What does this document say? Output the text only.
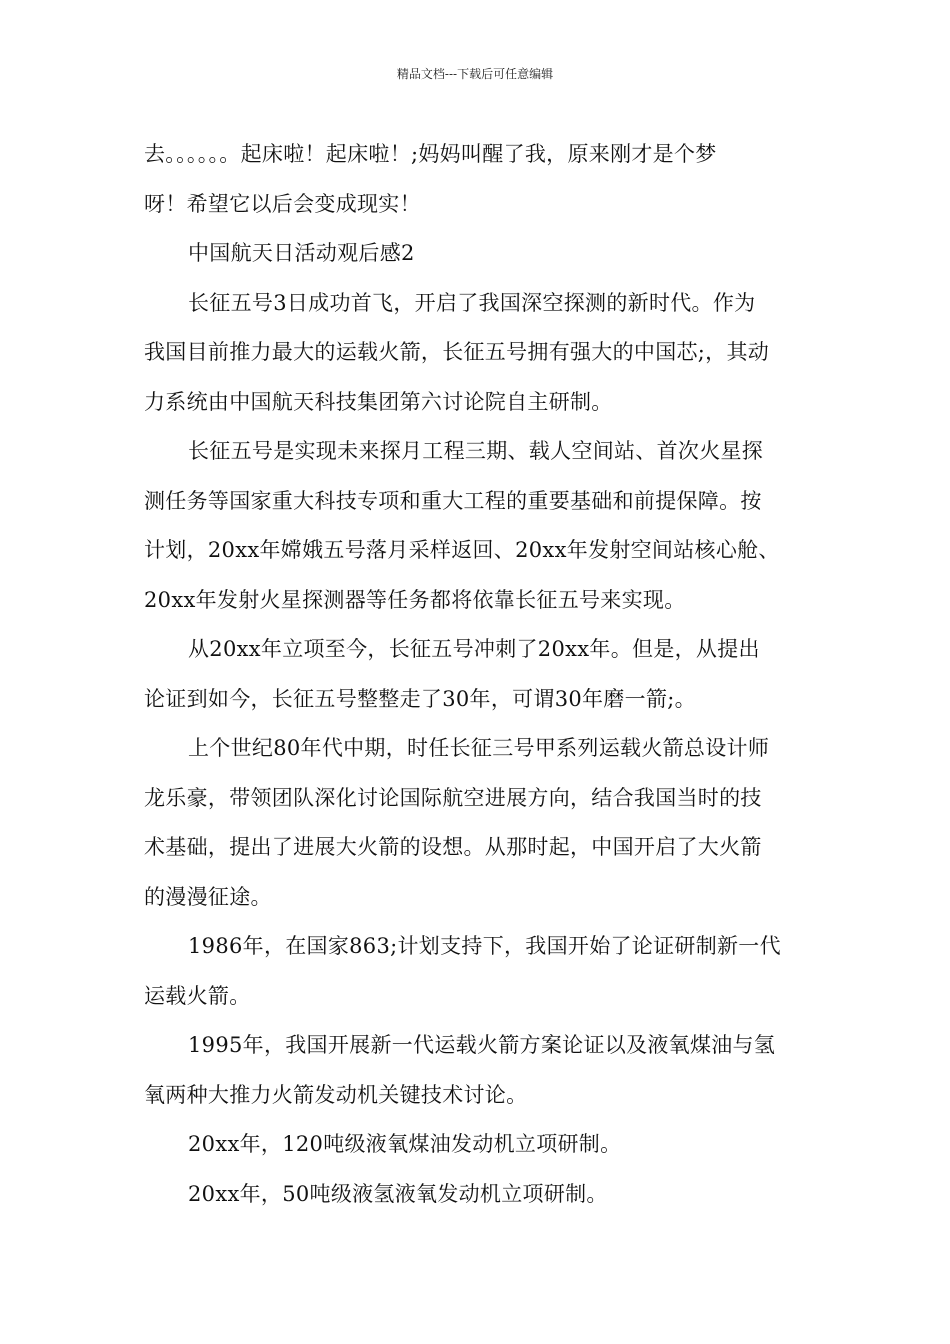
精品文档---下载后可任意编辑

去。。。。。。起床啦！起床啦！;妈妈叫醒了我，原来刚才是个梦

呀！希望它以后会变成现实！

中国航天日活动观后感2

长征五号3日成功首飞，开启了我国深空探测的新时代。作为

我国目前推力最大的运载火箭，长征五号拥有强大的中国芯;，其动

力系统由中国航天科技集团第六讨论院自主研制。

长征五号是实现未来探月工程三期、载人空间站、首次火星探

测任务等国家重大科技专项和重大工程的重要基础和前提保障。按

计划，20xx年嫦娥五号落月采样返回、20xx年发射空间站核心舱、

20xx年发射火星探测器等任务都将依靠长征五号来实现。

从20xx年立项至今，长征五号冲刺了20xx年。但是，从提出

论证到如今，长征五号整整走了30年，可谓30年磨一箭;。

上个世纪80年代中期，时任长征三号甲系列运载火箭总设计师

龙乐豪，带领团队深化讨论国际航空进展方向，结合我国当时的技

术基础，提出了进展大火箭的设想。从那时起，中国开启了大火箭

的漫漫征途。

1986年，在国家863;计划支持下，我国开始了论证研制新一代

运载火箭。

1995年，我国开展新一代运载火箭方案论证以及液氧煤油与氢

氧两种大推力火箭发动机关键技术讨论。

20xx年，120吨级液氧煤油发动机立项研制。

20xx年，50吨级液氢液氧发动机立项研制。
